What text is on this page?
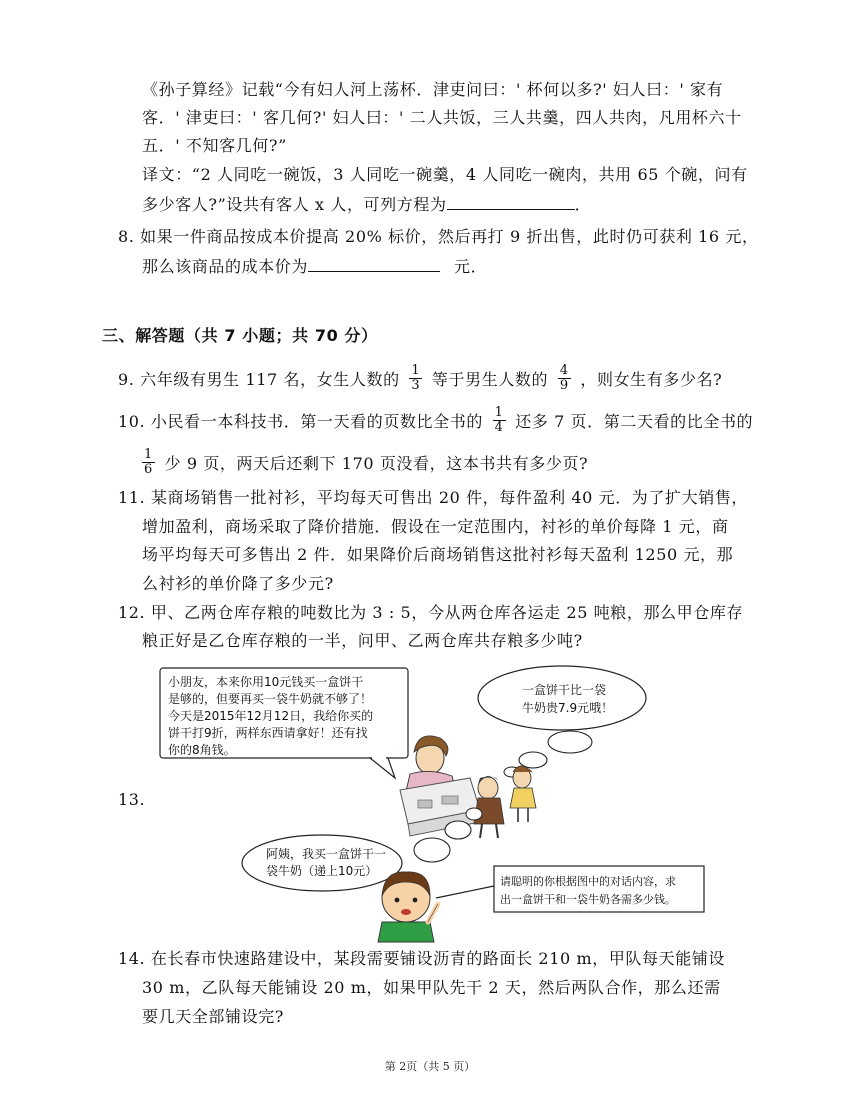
《孙子算经》记载“今有妇人河上荡杯．津吏问曰：' 杯何以多?' 妇人曰：' 家有
客．' 津吏曰：' 客几何?' 妇人曰：' 二人共饭，三人共羹，四人共肉，凡用杯六十
五．' 不知客几何?”
译文：“2 人同吃一碗饭，3 人同吃一碗羹，4 人同吃一碗肉，共用 65 个碗，问有
多少客人?”设共有客人 x 人，可列方程为	．
8. 如果一件商品按成本价提高 20% 标价，然后再打 9 折出售，此时仍可获利 16 元，
那么该商品的成本价为	元．
三、解答题（共 7 小题；共 70 分）
9. 六年级有男生 117 名，女生人数的 $\frac{1}{3}$ 等于男生人数的 $\frac{4}{9}$ ，则女生有多少名?
10. 小民看一本科技书．第一天看的页数比全书的 $\frac{1}{4}$ 还多 7 页．第二天看的比全书的
$\frac{1}{6}$ 少 9 页，两天后还剩下 170 页没看，这本书共有多少页?
11. 某商场销售一批衬衫，平均每天可售出 20 件，每件盈利 40 元．为了扩大销售，
增加盈利，商场采取了降价措施．假设在一定范围内，衬衫的单价每降 1 元，商
场平均每天可多售出 2 件．如果降价后商场销售这批衬衫每天盈利 1250 元，那
么衬衫的单价降了多少元?
12. 甲、乙两仓库存粮的吨数比为 3 : 5，今从两仓库各运走 25 吨粮，那么甲仓库存
粮正好是乙仓库存粮的一半，问甲、乙两仓库共存粮多少吨?
13.
小朋友，本来你用10元钱买一盒饼干
是够的，但要再买一袋牛奶就不够了！
今天是2015年12月12日，我给你买的
饼干打9折，两样东西请拿好！还有找
你的8角钱。
一盒饼干比一袋
牛奶贵7.9元哦！
阿姨，我买一盒饼干一
袋牛奶（递上10元）
请聪明的你根据图中的对话内容，求
出一盒饼干和一袋牛奶各需多少钱。
14. 在长春市快速路建设中，某段需要铺设沥青的路面长 210 m，甲队每天能铺设
30 m，乙队每天能铺设 20 m，如果甲队先干 2 天，然后两队合作，那么还需
要几天全部铺设完?
第 2页（共 5 页）
